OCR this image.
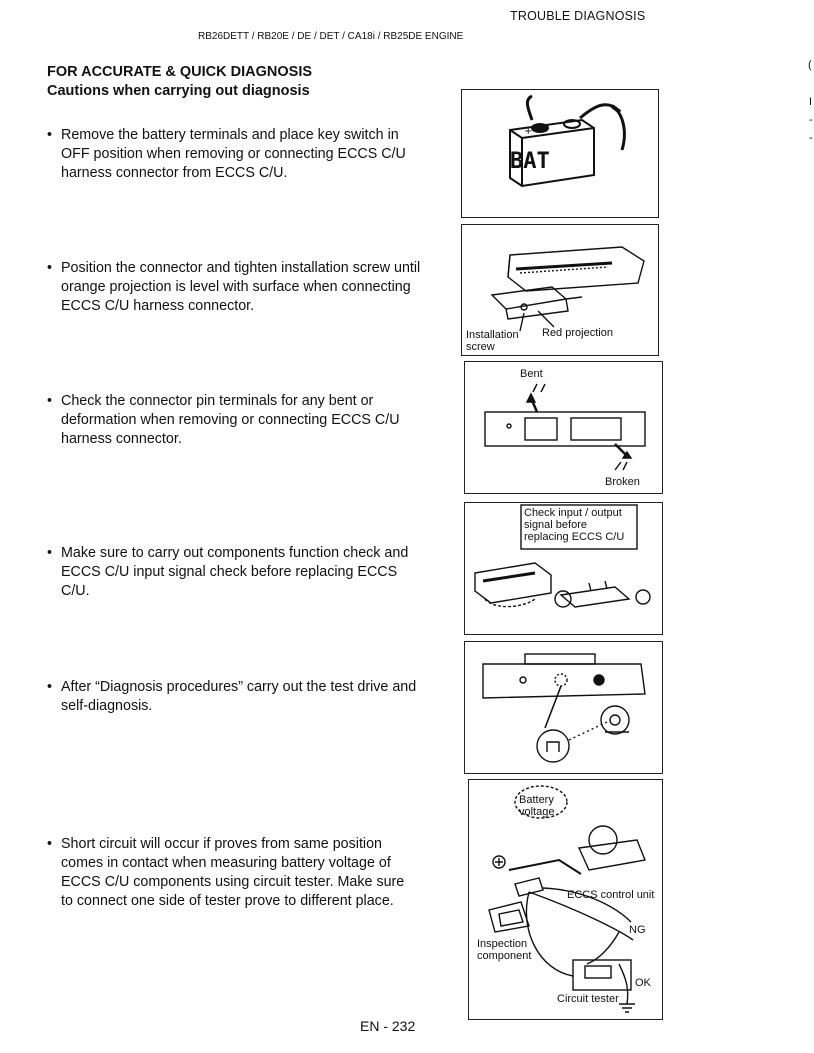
TROUBLE DIAGNOSIS
RB26DETT / RB20E / DE / DET / CA18i / RB25DE ENGINE
FOR ACCURATE & QUICK DIAGNOSIS
Cautions when carrying out diagnosis
(
I
-
-
• Remove the battery terminals and place key switch in
OFF position when removing or connecting ECCS C/U
harness connector from ECCS C/U.
• Position the connector and tighten installation screw until
orange projection is level with surface when connecting
ECCS C/U harness connector.
• Check the connector pin terminals for any bent or
deformation when removing or connecting ECCS C/U
harness connector.
• Make sure to carry out components function check and
ECCS C/U input signal check before replacing ECCS
C/U.
• After “Diagnosis procedures” carry out the test drive and
self-diagnosis.
• Short circuit will occur if proves from same position
comes in contact when measuring battery voltage of
ECCS C/U components using circuit tester. Make sure
to connect one side of tester prove to different place.
+
BAT
Installation
screw
Red projection
Bent
Broken
Check input / output
signal before
replacing ECCS C/U
Battery
voltage
ECCS control unit
NG
Inspection
component
OK
Circuit tester
EN - 232
